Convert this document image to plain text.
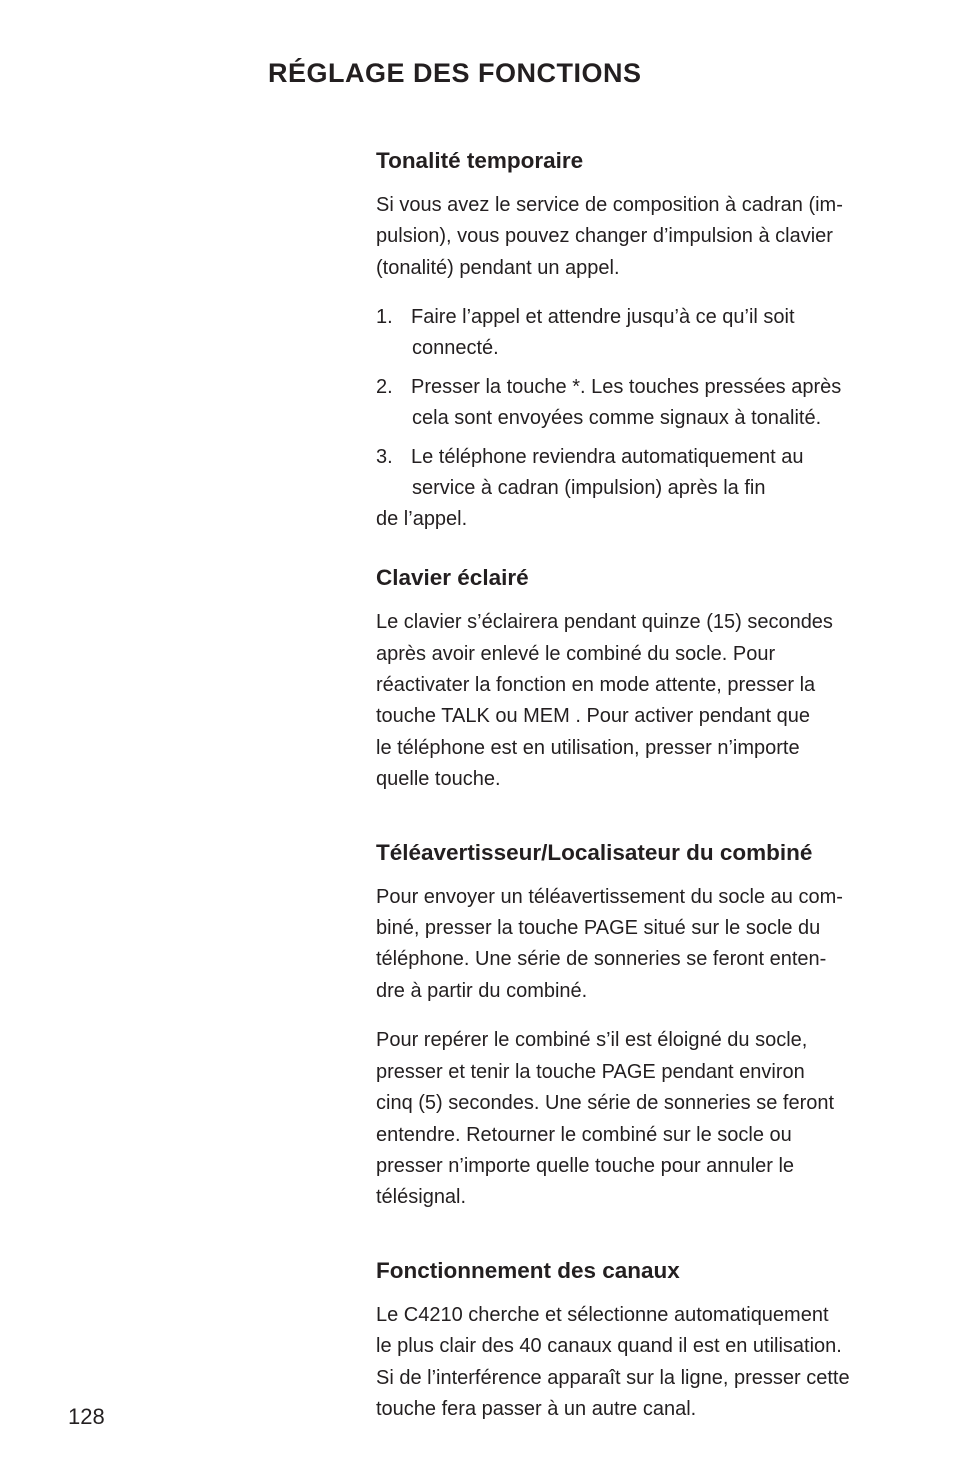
RÉGLAGE DES FONCTIONS
Tonalité temporaire

Si vous avez le service de composition à cadran (im-
pulsion), vous pouvez changer d’impulsion à clavier
(tonalité) pendant un appel.

1. Faire l’appel et attendre jusqu’à ce qu’il soit
connecté.
2. Presser la touche *. Les touches pressées après
cela sont envoyées comme signaux à tonalité.
3. Le téléphone reviendra automatiquement au
service à cadran (impulsion) après la fin
de l’appel.
Clavier éclairé

Le clavier s’éclairera pendant quinze (15) secondes
après avoir enlevé le combiné du socle. Pour
réactivater la fonction en mode attente, presser la
touche TALK ou MEM . Pour activer pendant que
le téléphone est en utilisation, presser n’importe
quelle touche.

Téléavertisseur/Localisateur du combiné

Pour envoyer un téléavertissement du socle au com-
biné, presser la touche PAGE situé sur le socle du
téléphone. Une série de sonneries se feront enten-
dre à partir du combiné.

Pour repérer le combiné s’il est éloigné du socle,
presser et tenir la touche PAGE pendant environ
cinq (5) secondes. Une série de sonneries se feront
entendre. Retourner le combiné sur le socle ou
presser n’importe quelle touche pour annuler le
télésignal.

Fonctionnement des canaux

Le C4210 cherche et sélectionne automatiquement
le plus clair des 40 canaux quand il est en utilisation.
Si de l’interférence apparaît sur la ligne, presser cette
touche fera passer à un autre canal.

128
